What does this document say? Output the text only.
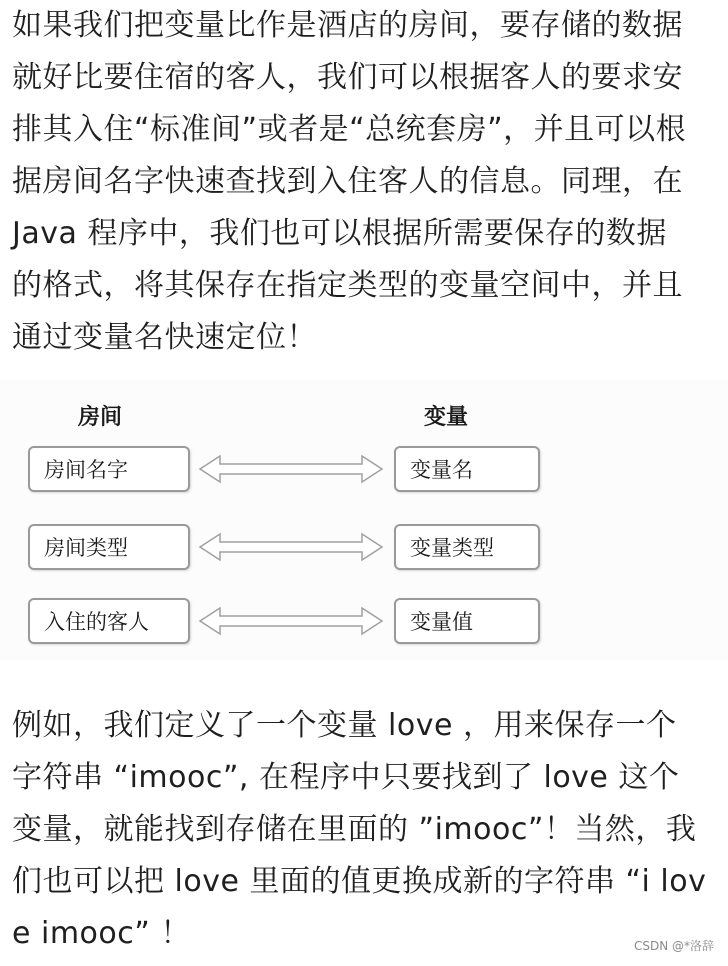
如果我们把变量比作是酒店的房间，要存储的数据
就好比要住宿的客人，我们可以根据客人的要求安
排其入住“标准间”或者是“总统套房”，并且可以根
据房间名字快速查找到入住客人的信息。同理，在
Java 程序中，我们也可以根据所需要保存的数据
的格式，将其保存在指定类型的变量空间中，并且
通过变量名快速定位！
房间	变量
房间名字	变量名
房间类型	变量类型
入住的客人	变量值
例如，我们定义了一个变量 love ，用来保存一个
字符串 “imooc”, 在程序中只要找到了 love 这个
变量，就能找到存储在里面的 ”imooc”！当然，我
们也可以把 love 里面的值更换成新的字符串 “i lov
e imooc” ！	CSDN @*洛辞
